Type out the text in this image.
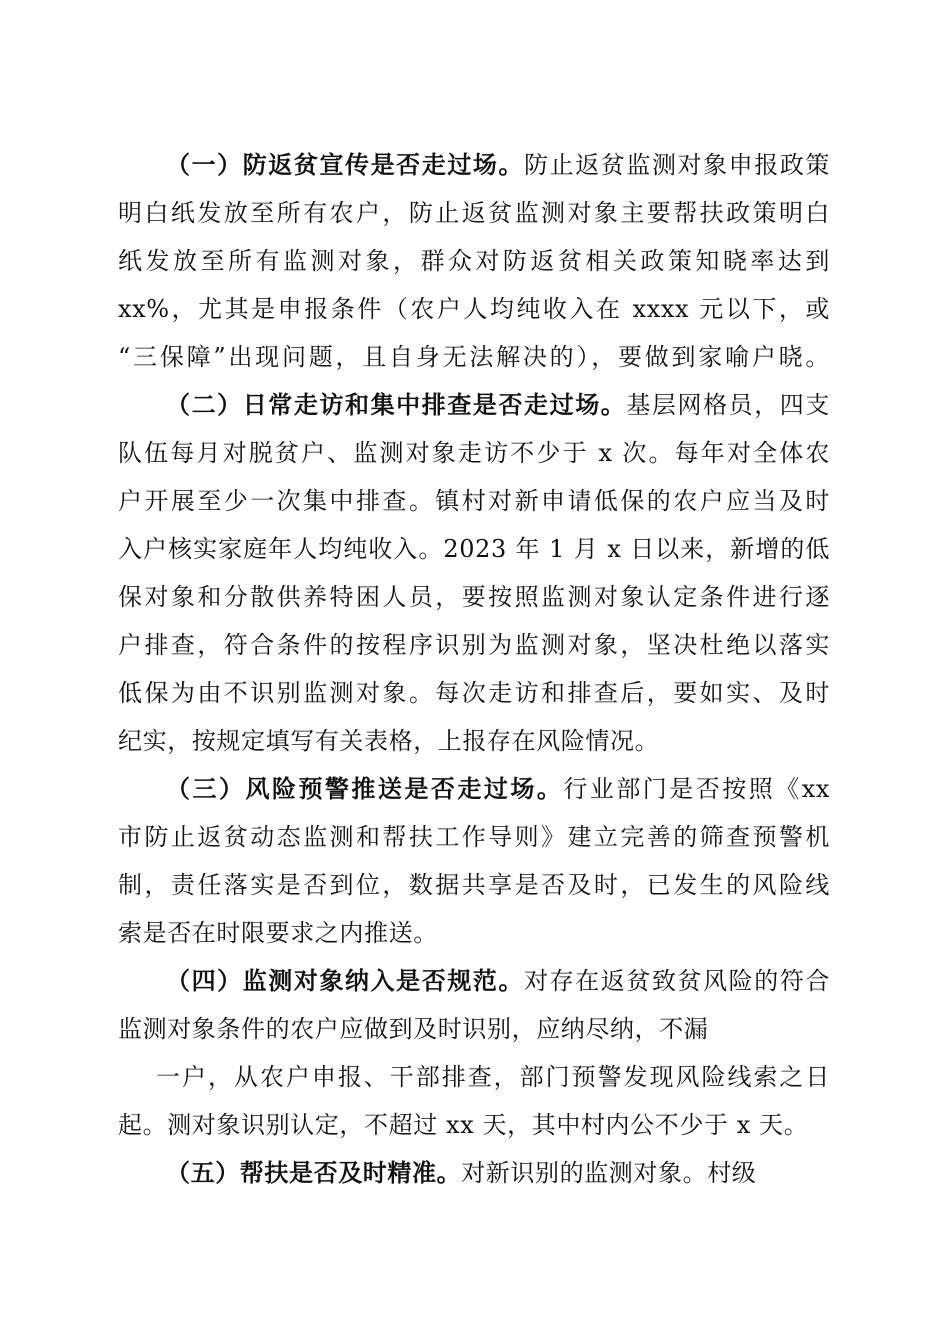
（一）防返贫宣传是否走过场。防止返贫监测对象申报政策
明白纸发放至所有农户，防止返贫监测对象主要帮扶政策明白
纸发放至所有监测对象，群众对防返贫相关政策知晓率达到
xx%，尤其是申报条件（农户人均纯收入在 xxxx 元以下，或
“三保障”出现问题，且自身无法解决的），要做到家喻户晓。
（二）日常走访和集中排查是否走过场。基层网格员，四支
队伍每月对脱贫户、监测对象走访不少于 x 次。每年对全体农
户开展至少一次集中排查。镇村对新申请低保的农户应当及时
入户核实家庭年人均纯收入。2023 年 1 月 x 日以来，新增的低
保对象和分散供养特困人员，要按照监测对象认定条件进行逐
户排查，符合条件的按程序识别为监测对象，坚决杜绝以落实
低保为由不识别监测对象。每次走访和排查后，要如实、及时
纪实，按规定填写有关表格，上报存在风险情况。
（三）风险预警推送是否走过场。行业部门是否按照《xx
市防止返贫动态监测和帮扶工作导则》建立完善的筛查预警机
制，责任落实是否到位，数据共享是否及时，已发生的风险线
索是否在时限要求之内推送。
（四）监测对象纳入是否规范。对存在返贫致贫风险的符合
监测对象条件的农户应做到及时识别，应纳尽纳，不漏
一户，从农户申报、干部排查，部门预警发现风险线索之日
起。测对象识别认定，不超过 xx 天，其中村内公不少于 x 天。
（五）帮扶是否及时精准。对新识别的监测对象。村级
